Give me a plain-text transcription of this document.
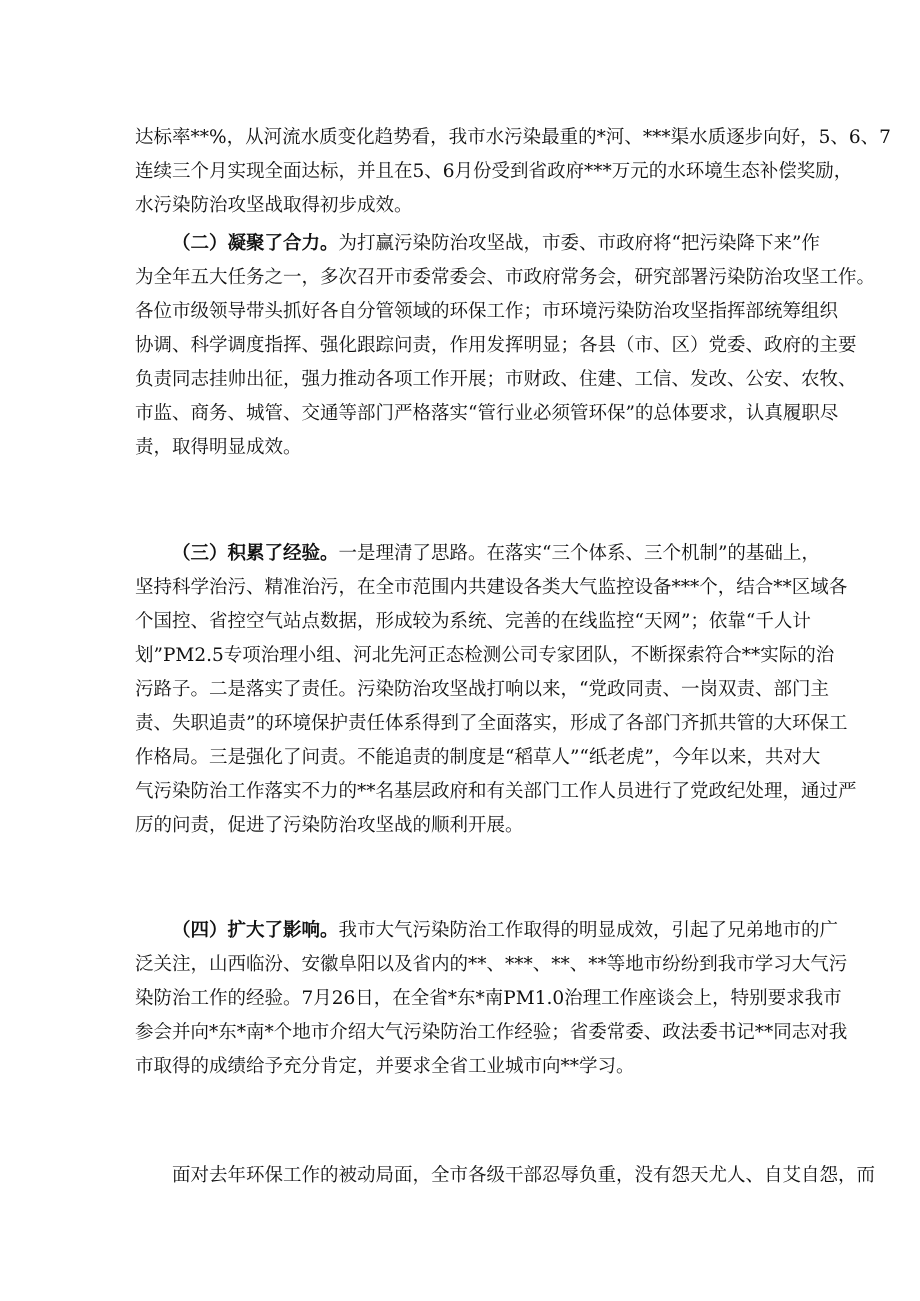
达标率**%，从河流水质变化趋势看，我市水污染最重的*河、***渠水质逐步向好，5、6、7
连续三个月实现全面达标，并且在5、6月份受到省政府***万元的水环境生态补偿奖励，
水污染防治攻坚战取得初步成效。

（二）凝聚了合力。为打赢污染防治攻坚战，市委、市政府将“把污染降下来”作
为全年五大任务之一，多次召开市委常委会、市政府常务会，研究部署污染防治攻坚工作。
各位市级领导带头抓好各自分管领域的环保工作；市环境污染防治攻坚指挥部统筹组织
协调、科学调度指挥、强化跟踪问责，作用发挥明显；各县（市、区）党委、政府的主要
负责同志挂帅出征，强力推动各项工作开展；市财政、住建、工信、发改、公安、农牧、
市监、商务、城管、交通等部门严格落实“管行业必须管环保”的总体要求，认真履职尽
责，取得明显成效。

（三）积累了经验。一是理清了思路。在落实“三个体系、三个机制”的基础上，
坚持科学治污、精准治污，在全市范围内共建设各类大气监控设备***个，结合**区域各
个国控、省控空气站点数据，形成较为系统、完善的在线监控“天网”；依靠“千人计
划”PM2.5专项治理小组、河北先河正态检测公司专家团队，不断探索符合**实际的治
污路子。二是落实了责任。污染防治攻坚战打响以来，“党政同责、一岗双责、部门主
责、失职追责”的环境保护责任体系得到了全面落实，形成了各部门齐抓共管的大环保工
作格局。三是强化了问责。不能追责的制度是“稻草人”“纸老虎”，今年以来，共对大
气污染防治工作落实不力的**名基层政府和有关部门工作人员进行了党政纪处理，通过严
厉的问责，促进了污染防治攻坚战的顺利开展。

（四）扩大了影响。我市大气污染防治工作取得的明显成效，引起了兄弟地市的广
泛关注，山西临汾、安徽阜阳以及省内的**、***、**、**等地市纷纷到我市学习大气污
染防治工作的经验。7月26日，在全省*东*南PM1.0治理工作座谈会上，特别要求我市
参会并向*东*南*个地市介绍大气污染防治工作经验；省委常委、政法委书记**同志对我
市取得的成绩给予充分肯定，并要求全省工业城市向**学习。

面对去年环保工作的被动局面，全市各级干部忍辱负重，没有怨天尤人、自艾自怨，而
